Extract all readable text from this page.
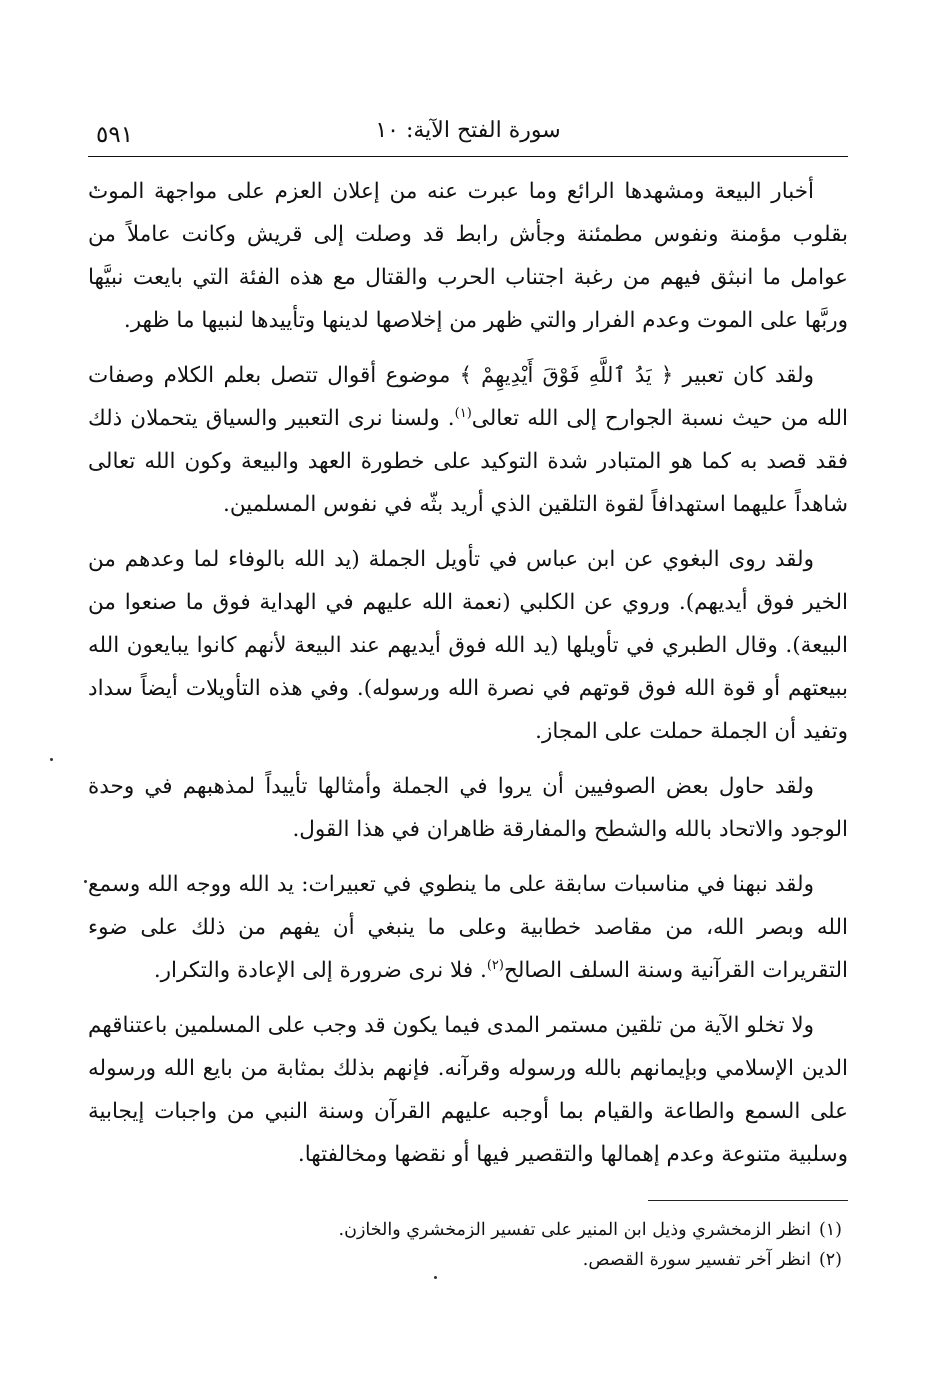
سورة الفتح الآية: ١٠
٥٩١

أخبار البيعة ومشهدها الرائع وما عبرت عنه من إعلان العزم على مواجهة الموت بقلوب مؤمنة ونفوس مطمئنة وجأش رابط قد وصلت إلى قريش وكانت عاملاً من عوامل ما انبثق فيهم من رغبة اجتناب الحرب والقتال مع هذه الفئة التي بايعت نبيَّها وربَّها على الموت وعدم الفرار والتي ظهر من إخلاصها لدينها وتأييدها لنبيها ما ظهر.

ولقد كان تعبير ﴿ يَدُ ٱللَّهِ فَوْقَ أَيْدِيهِمْ ﴾ موضوع أقوال تتصل بعلم الكلام وصفات الله من حيث نسبة الجوارح إلى الله تعالى$^{(١)}$. ولسنا نرى التعبير والسياق يتحملان ذلك فقد قصد به كما هو المتبادر شدة التوكيد على خطورة العهد والبيعة وكون الله تعالى شاهداً عليهما استهدافاً لقوة التلقين الذي أريد بثّه في نفوس المسلمين.

ولقد روى البغوي عن ابن عباس في تأويل الجملة (يد الله بالوفاء لما وعدهم من الخير فوق أيديهم). وروي عن الكلبي (نعمة الله عليهم في الهداية فوق ما صنعوا من البيعة). وقال الطبري في تأويلها (يد الله فوق أيديهم عند البيعة لأنهم كانوا يبايعون الله ببيعتهم أو قوة الله فوق قوتهم في نصرة الله ورسوله). وفي هذه التأويلات أيضاً سداد وتفيد أن الجملة حملت على المجاز.

ولقد حاول بعض الصوفيين أن يروا في الجملة وأمثالها تأييداً لمذهبهم في وحدة الوجود والاتحاد بالله والشطح والمفارقة ظاهران في هذا القول.

ولقد نبهنا في مناسبات سابقة على ما ينطوي في تعبيرات: يد الله ووجه الله وسمع الله وبصر الله، من مقاصد خطابية وعلى ما ينبغي أن يفهم من ذلك على ضوء التقريرات القرآنية وسنة السلف الصالح$^{(٢)}$. فلا نرى ضرورة إلى الإعادة والتكرار.

ولا تخلو الآية من تلقين مستمر المدى فيما يكون قد وجب على المسلمين باعتناقهم الدين الإسلامي وبإيمانهم بالله ورسوله وقرآنه. فإنهم بذلك بمثابة من بايع الله ورسوله على السمع والطاعة والقيام بما أوجبه عليهم القرآن وسنة النبي من واجبات إيجابية وسلبية متنوعة وعدم إهمالها والتقصير فيها أو نقضها ومخالفتها.

(١)انظر الزمخشري وذيل ابن المنير على تفسير الزمخشري والخازن.

(٢)انظر آخر تفسير سورة القصص.
